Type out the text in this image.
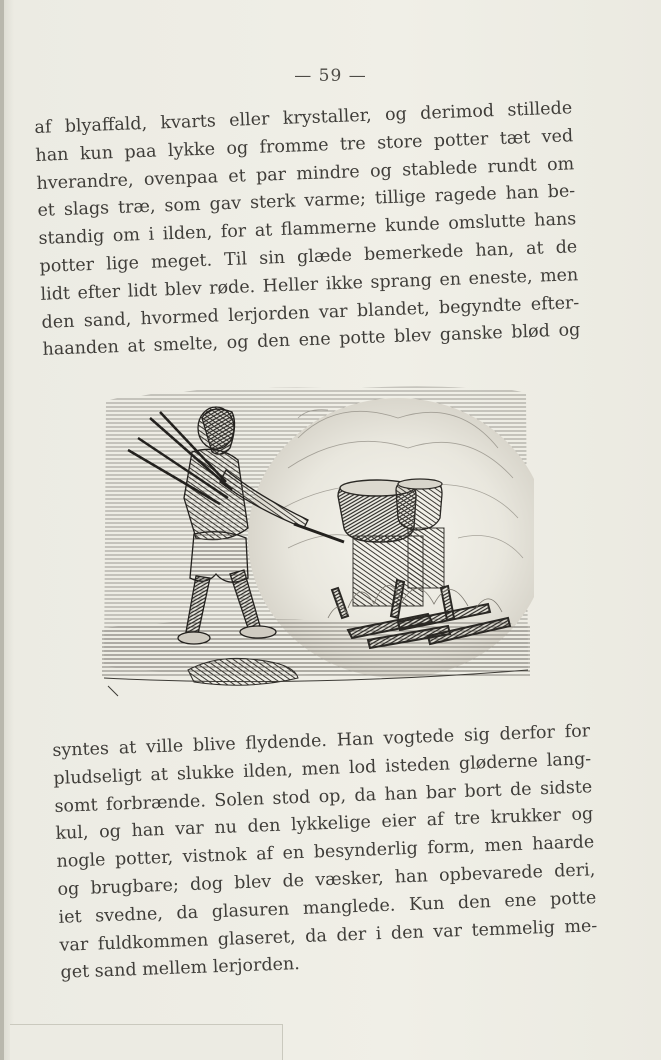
— 59 —
af blyaffald, kvarts eller krystaller, og derimod stillede
han kun paa lykke og fromme tre store potter tæt ved
hverandre, ovenpaa et par mindre og stablede rundt om
et slags træ, som gav sterk varme; tillige ragede han be-
standig om i ilden, for at flammerne kunde omslutte hans
potter lige meget. Til sin glæde bemerkede han, at de
lidt efter lidt blev røde. Heller ikke sprang en eneste, men
den sand, hvormed lerjorden var blandet, begyndte efter-
haanden at smelte, og den ene potte blev ganske blød og
syntes at ville blive flydende. Han vogtede sig derfor for
pludseligt at slukke ilden, men lod isteden gløderne lang-
somt forbrænde. Solen stod op, da han bar bort de sidste
kul, og han var nu den lykkelige eier af tre krukker og
nogle potter, vistnok af en besynderlig form, men haarde
og brugbare; dog blev de væsker, han opbevarede deri,
iet svedne, da glasuren manglede. Kun den ene potte
var fuldkommen glaseret, da der i den var temmelig me-
get sand mellem lerjorden.
